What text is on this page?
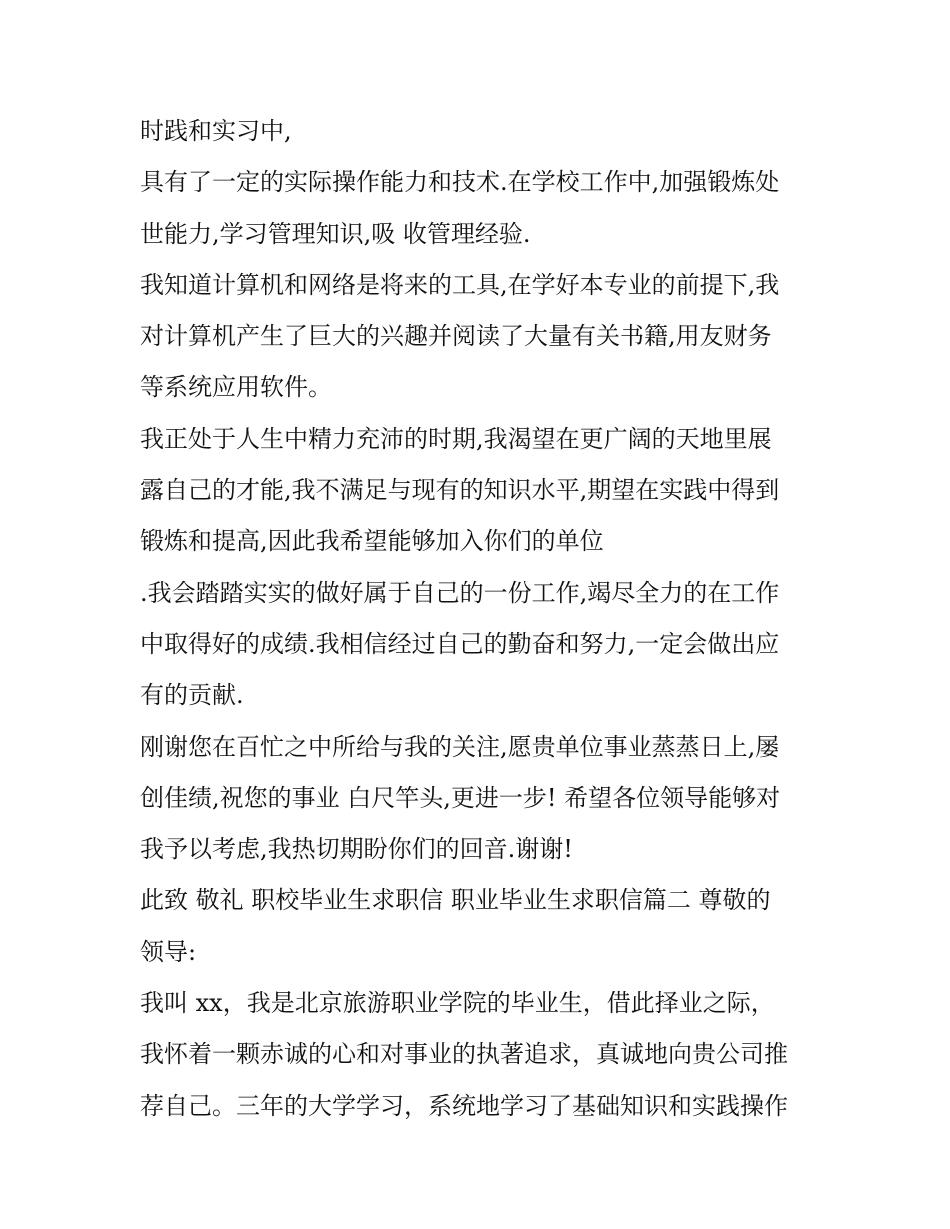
时践和实习中,
具有了一定的实际操作能力和技术.在学校工作中,加强锻炼处
世能力,学习管理知识,吸 收管理经验.
我知道计算机和网络是将来的工具,在学好本专业的前提下,我
对计算机产生了巨大的兴趣并阅读了大量有关书籍,用友财务
等系统应用软件。
我正处于人生中精力充沛的时期,我渴望在更广阔的天地里展
露自己的才能,我不满足与现有的知识水平,期望在实践中得到
锻炼和提高,因此我希望能够加入你们的单位
.我会踏踏实实的做好属于自己的一份工作,竭尽全力的在工作
中取得好的成绩.我相信经过自己的勤奋和努力,一定会做出应
有的贡献.
刚谢您在百忙之中所给与我的关注,愿贵单位事业蒸蒸日上,屡
创佳绩,祝您的事业 白尺竿头,更进一步! 希望各位领导能够对
我予以考虑,我热切期盼你们的回音.谢谢!
此致 敬礼 职校毕业生求职信 职业毕业生求职信篇二 尊敬的
领导:
我叫 xx，我是北京旅游职业学院的毕业生，借此择业之际，
我怀着一颗赤诚的心和对事业的执著追求，真诚地向贵公司推
荐自己。三年的大学学习，系统地学习了基础知识和实践操作
